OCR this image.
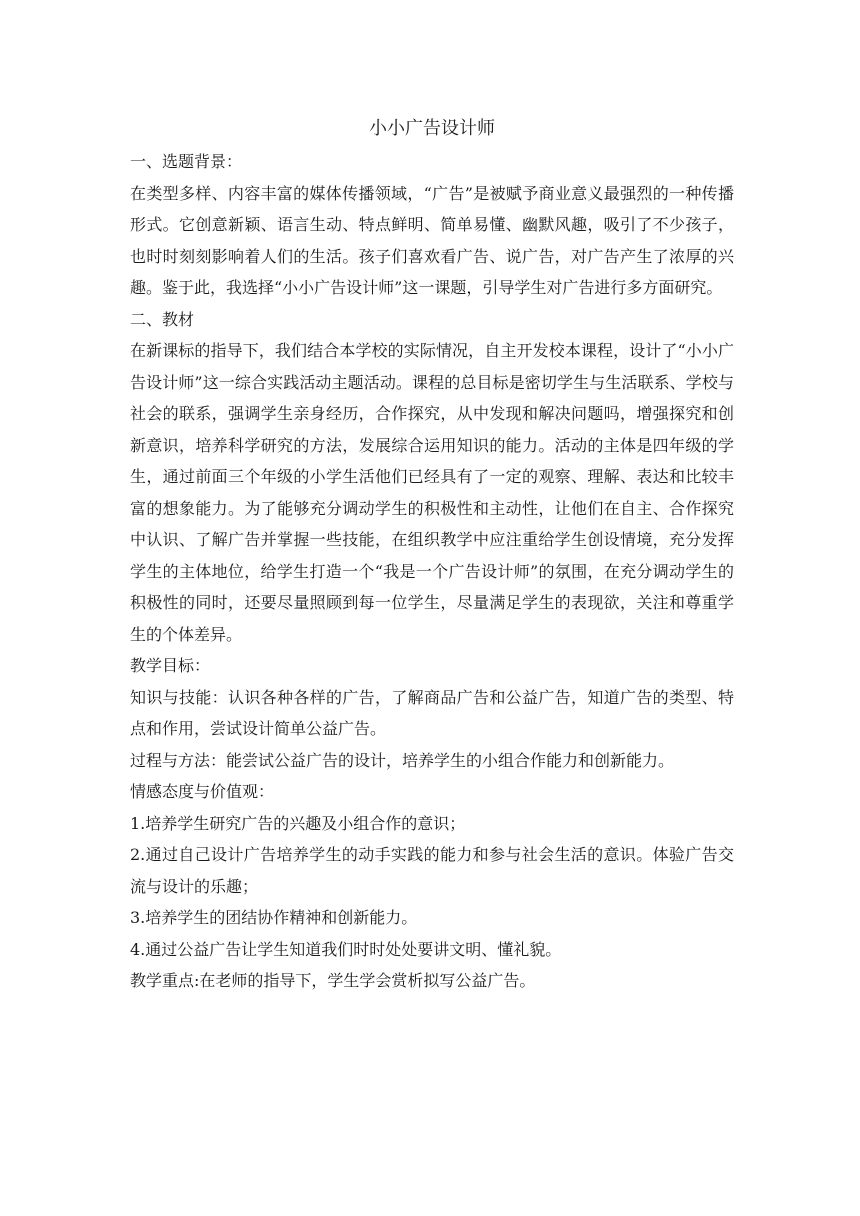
小小广告设计师

一、选题背景：

在类型多样、内容丰富的媒体传播领域，“广告”是被赋予商业意义最强烈的一种传播形式。它创意新颖、语言生动、特点鲜明、简单易懂、幽默风趣，吸引了不少孩子，也时时刻刻影响着人们的生活。孩子们喜欢看广告、说广告，对广告产生了浓厚的兴趣。鉴于此，我选择“小小广告设计师”这一课题，引导学生对广告进行多方面研究。

二、教材

在新课标的指导下，我们结合本学校的实际情况，自主开发校本课程，设计了“小小广告设计师”这一综合实践活动主题活动。课程的总目标是密切学生与生活联系、学校与社会的联系，强调学生亲身经历，合作探究，从中发现和解决问题吗，增强探究和创新意识，培养科学研究的方法，发展综合运用知识的能力。活动的主体是四年级的学生，通过前面三个年级的小学生活他们已经具有了一定的观察、理解、表达和比较丰富的想象能力。为了能够充分调动学生的积极性和主动性，让他们在自主、合作探究中认识、了解广告并掌握一些技能，在组织教学中应注重给学生创设情境，充分发挥学生的主体地位，给学生打造一个“我是一个广告设计师”的氛围，在充分调动学生的积极性的同时，还要尽量照顾到每一位学生，尽量满足学生的表现欲，关注和尊重学生的个体差异。

教学目标：

知识与技能：认识各种各样的广告，了解商品广告和公益广告，知道广告的类型、特点和作用，尝试设计简单公益广告。

过程与方法：能尝试公益广告的设计，培养学生的小组合作能力和创新能力。

情感态度与价值观：

1.培养学生研究广告的兴趣及小组合作的意识；

2.通过自己设计广告培养学生的动手实践的能力和参与社会生活的意识。体验广告交流与设计的乐趣；

3.培养学生的团结协作精神和创新能力。

4.通过公益广告让学生知道我们时时处处要讲文明、懂礼貌。

教学重点:在老师的指导下，学生学会赏析拟写公益广告。
